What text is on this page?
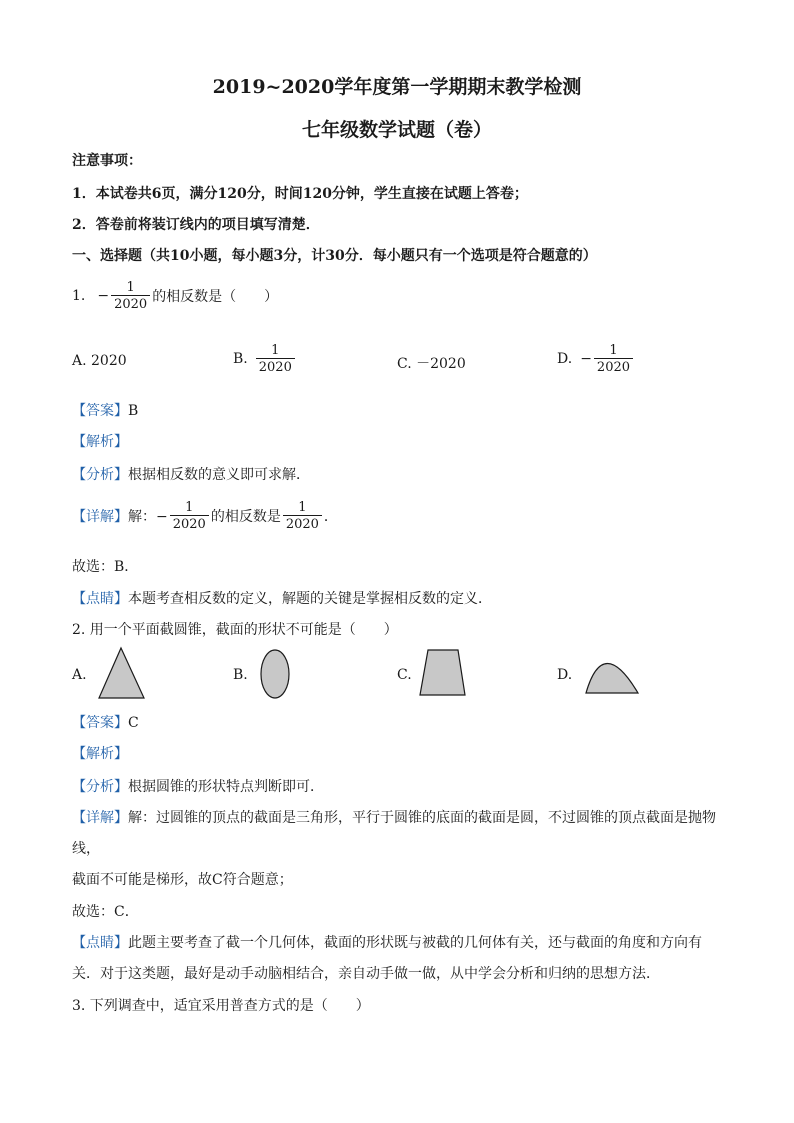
2019~2020学年度第一学期期末教学检测
七年级数学试题（卷）
注意事项：
1．本试卷共6页，满分120分，时间120分钟，学生直接在试题上答卷；
2．答卷前将装订线内的项目填写清楚．
一、选择题（共10小题，每小题3分，计30分．每小题只有一个选项是符合题意的）
1. − $\frac{1}{2020}$ 的相反数是（　　）
A. 2020	B. $\frac{1}{2020}$	C. －2020	D. − $\frac{1}{2020}$
【答案】B
【解析】
【分析】根据相反数的意义即可求解．
【详解】 解：− $\frac{1}{2020}$ 的相反数是 $\frac{1}{2020}$ ．
故选：B．
【点睛】本题考查相反数的定义，解题的关键是掌握相反数的定义．
2. 用一个平面截圆锥，截面的形状不可能是（　　）
A.	B.	C.	D.
【答案】C
【解析】
【分析】根据圆锥的形状特点判断即可．
【详解】解：过圆锥的顶点的截面是三角形，平行于圆锥的底面的截面是圆，不过圆锥的顶点截面是抛物
线，
截面不可能是梯形，故C符合题意；
故选：C．
【点睛】此题主要考查了截一个几何体，截面的形状既与被截的几何体有关，还与截面的角度和方向有
关．对于这类题，最好是动手动脑相结合，亲自动手做一做，从中学会分析和归纳的思想方法．
3. 下列调查中，适宜采用普查方式的是（　　）
